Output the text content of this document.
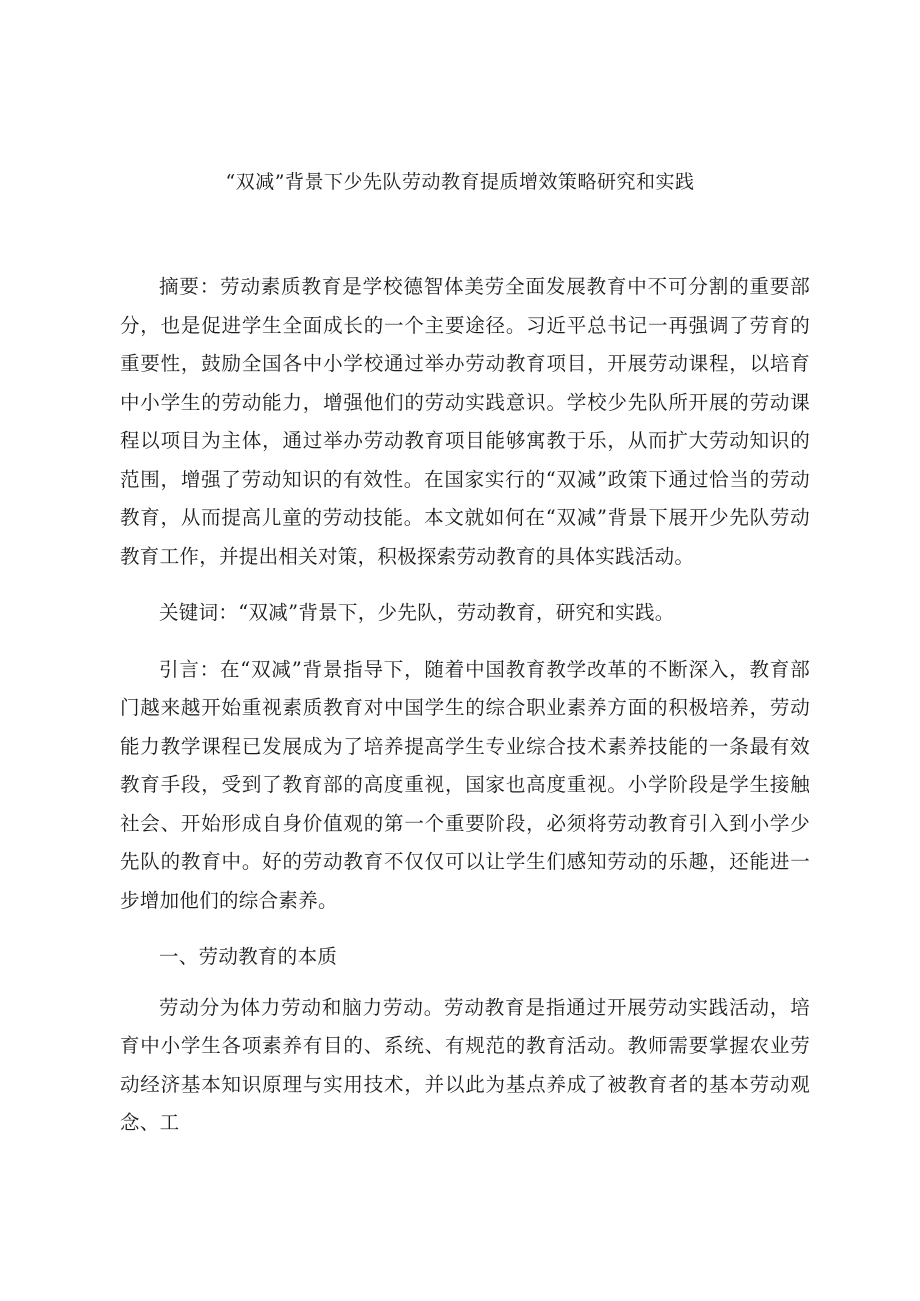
“双减”背景下少先队劳动教育提质增效策略研究和实践

摘要：劳动素质教育是学校德智体美劳全面发展教育中不可分割的重要部分，也是促进学生全面成长的一个主要途径。习近平总书记一再强调了劳育的重要性，鼓励全国各中小学校通过举办劳动教育项目，开展劳动课程，以培育中小学生的劳动能力，增强他们的劳动实践意识。学校少先队所开展的劳动课程以项目为主体，通过举办劳动教育项目能够寓教于乐，从而扩大劳动知识的范围，增强了劳动知识的有效性。在国家实行的“双减”政策下通过恰当的劳动教育，从而提高儿童的劳动技能。本文就如何在“双减”背景下展开少先队劳动教育工作，并提出相关对策，积极探索劳动教育的具体实践活动。

关键词：“双减”背景下，少先队，劳动教育，研究和实践。

引言：在“双减”背景指导下，随着中国教育教学改革的不断深入，教育部门越来越开始重视素质教育对中国学生的综合职业素养方面的积极培养，劳动能力教学课程已发展成为了培养提高学生专业综合技术素养技能的一条最有效教育手段，受到了教育部的高度重视，国家也高度重视。小学阶段是学生接触社会、开始形成自身价值观的第一个重要阶段，必须将劳动教育引入到小学少先队的教育中。好的劳动教育不仅仅可以让学生们感知劳动的乐趣，还能进一步增加他们的综合素养。

一、劳动教育的本质

劳动分为体力劳动和脑力劳动。劳动教育是指通过开展劳动实践活动，培育中小学生各项素养有目的、系统、有规范的教育活动。教师需要掌握农业劳动经济基本知识原理与实用技术，并以此为基点养成了被教育者的基本劳动观念、工
